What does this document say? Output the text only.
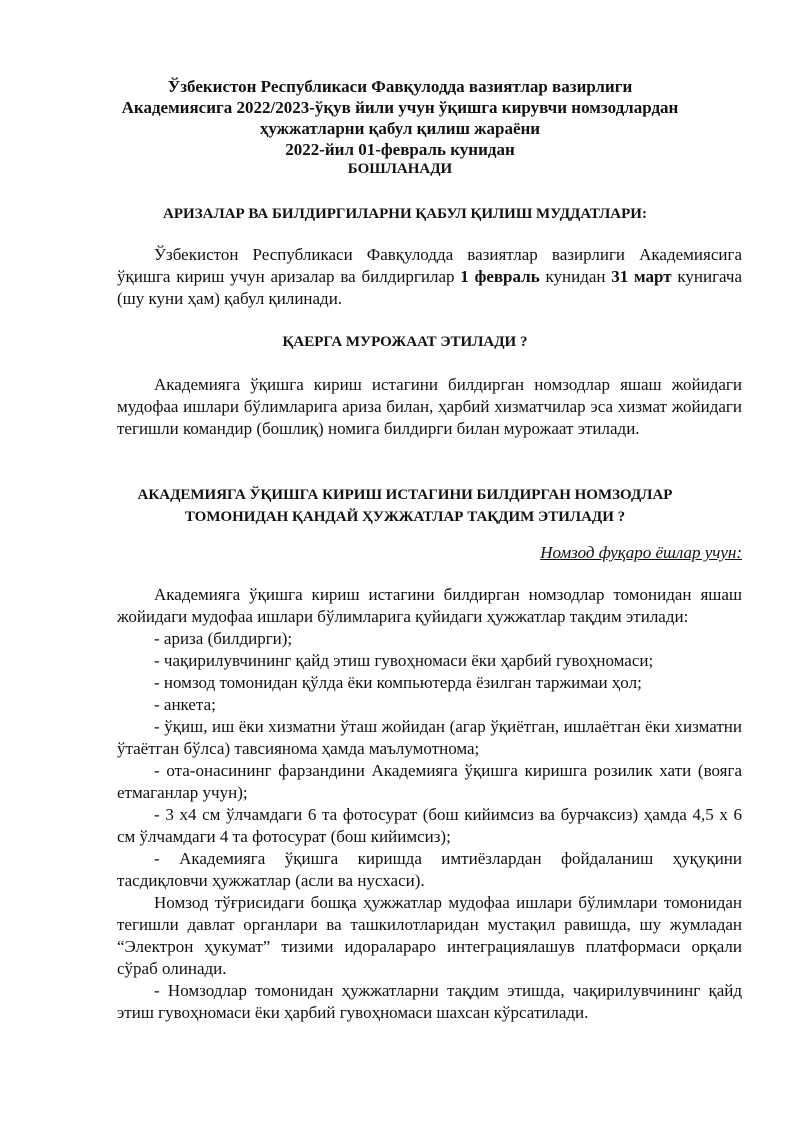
Ўзбекистон Республикаси Фавқулодда вазиятлар вазирлиги
Академиясига 2022/2023-ўқув йили учун ўқишга кирувчи номзодлардан
ҳужжатларни қабул қилиш жараёни
2022-йил 01-февраль кунидан
БОШЛАНАДИ
АРИЗАЛАР ВА БИЛДИРГИЛАРНИ ҚАБУЛ ҚИЛИШ МУДДАТЛАРИ:

Ўзбекистон Республикаси Фавқулодда вазиятлар вазирлиги Академиясига ўқишга кириш учун аризалар ва билдиргилар 1 февраль кунидан 31 март кунигача (шу куни ҳам) қабул қилинади.

ҚАЕРГА МУРОЖААТ ЭТИЛАДИ ?

Академияга ўқишга кириш истагини билдирган номзодлар яшаш жойидаги мудофаа ишлари бўлимларига ариза билан, ҳарбий хизматчилар эса хизмат жойидаги тегишли командир (бошлиқ) номига билдирги билан мурожаат этилади.

АКАДЕМИЯГА ЎҚИШГА КИРИШ ИСТАГИНИ БИЛДИРГАН НОМЗОДЛАР
ТОМОНИДАН ҚАНДАЙ ҲУЖЖАТЛАР ТАҚДИМ ЭТИЛАДИ ?
Номзод фуқаро ёшлар учун:

Академияга ўқишга кириш истагини билдирган номзодлар томонидан яшаш жойидаги мудофаа ишлари бўлимларига қуйидаги ҳужжатлар тақдим этилади:

- ариза (билдирги);

- чақирилувчининг қайд этиш гувоҳномаси ёки ҳарбий гувоҳномаси;

- номзод томонидан қўлда ёки компьютерда ёзилган таржимаи ҳол;

- анкета;

- ўқиш, иш ёки хизматни ўташ жойидан (агар ўқиётган, ишлаётган ёки хизматни ўтаётган бўлса) тавсиянома ҳамда маълумотнома;

- ота-онасининг фарзандини Академияга ўқишга киришга розилик хати (вояга етмаганлар учун);

- 3 х4 см ўлчамдаги 6 та фотосурат (бош кийимсиз ва бурчаксиз) ҳамда 4,5 х 6 см ўлчамдаги 4 та фотосурат (бош кийимсиз);

- Академияга ўқишга киришда имтиёзлардан фойдаланиш ҳуқуқини тасдиқловчи ҳужжатлар (асли ва нусхаси).

Номзод тўғрисидаги бошқа ҳужжатлар мудофаа ишлари бўлимлари томонидан тегишли давлат органлари ва ташкилотларидан мустақил равишда, шу жумладан “Электрон ҳукумат” тизими идоралараро интеграциялашув платформаси орқали сўраб олинади.

- Номзодлар томонидан ҳужжатларни тақдим этишда, чақирилувчининг қайд этиш гувоҳномаси ёки ҳарбий гувоҳномаси шахсан кўрсатилади.
